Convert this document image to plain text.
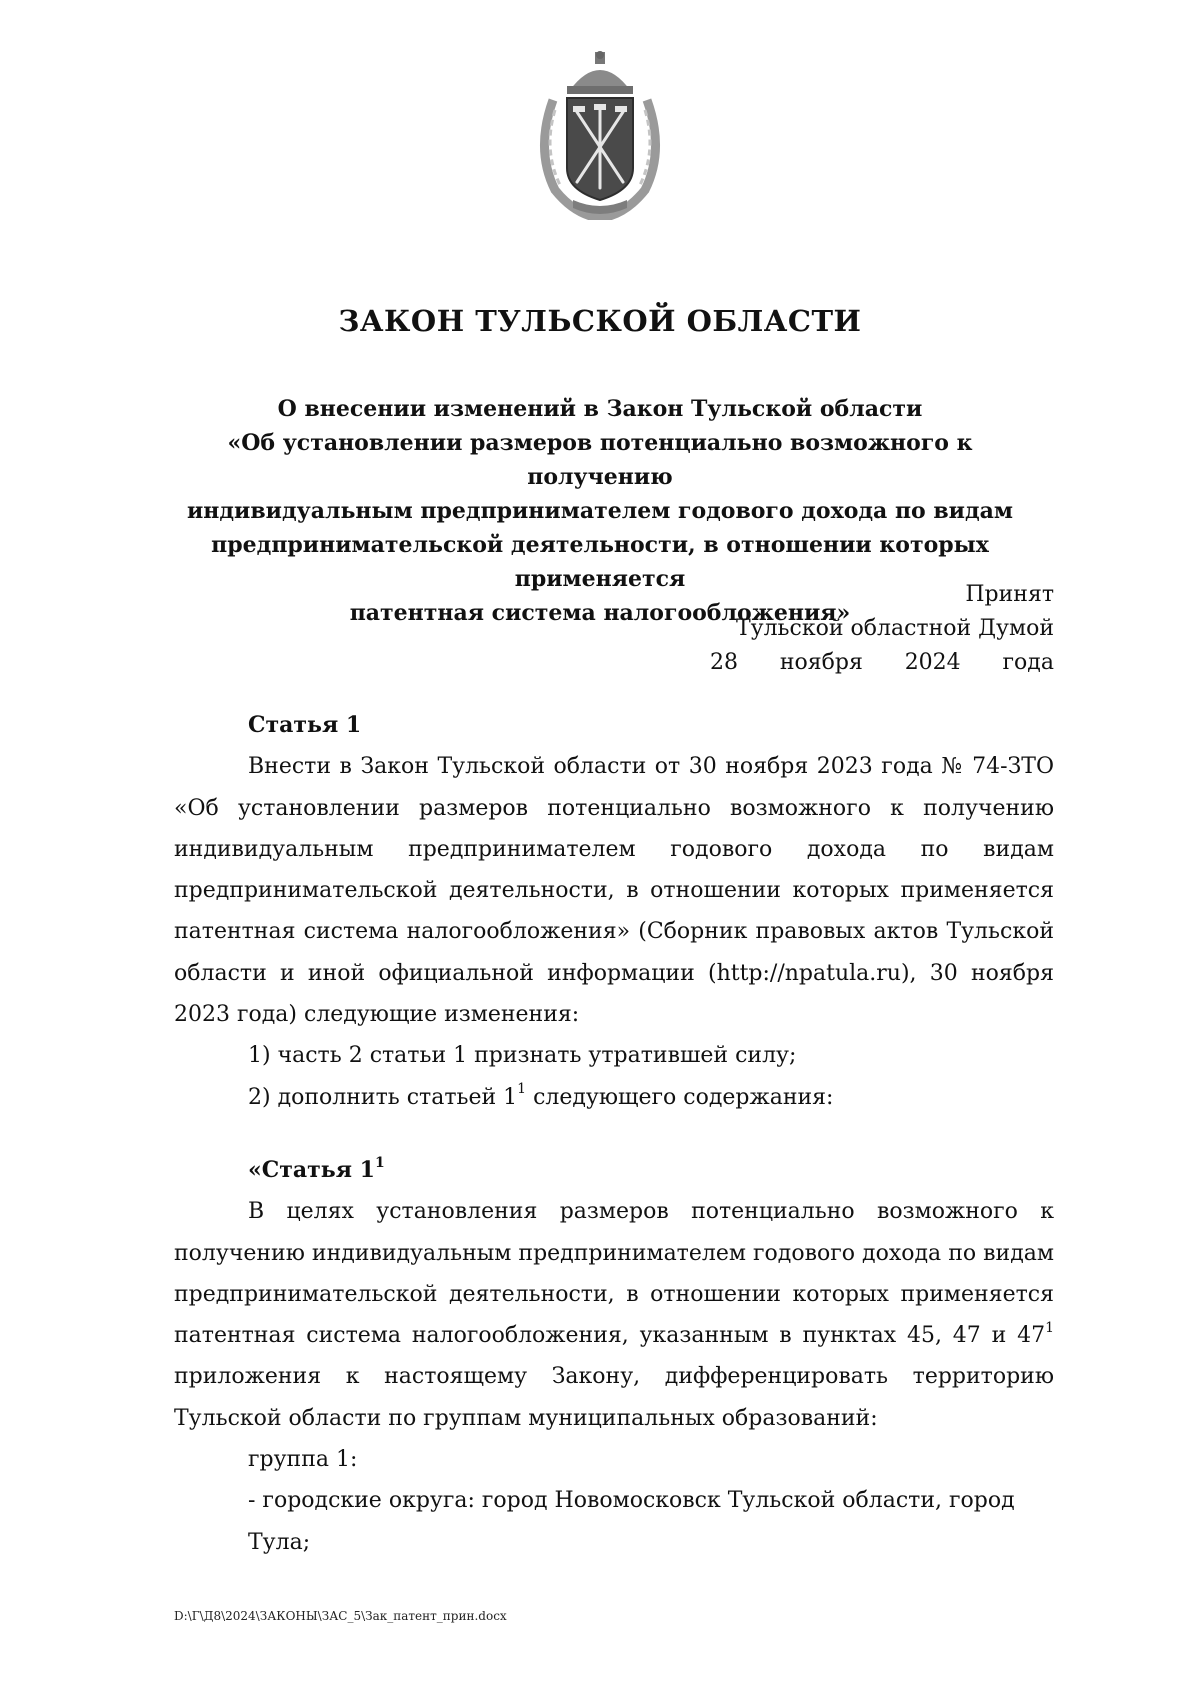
ЗАКОН ТУЛЬСКОЙ ОБЛАСТИ
О внесении изменений в Закон Тульской области
«Об установлении размеров потенциально возможного к получению
индивидуальным предпринимателем годового дохода по видам
предпринимательской деятельности, в отношении которых применяется
патентная система налогообложения»
Принят
Тульской областной Думой
28 ноября 2024 года
Статья 1
Внести в Закон Тульской области от 30 ноября 2023 года № 74-ЗТО «Об установлении размеров потенциально возможного к получению индивидуальным предпринимателем годового дохода по видам предпринимательской деятельности, в отношении которых применяется патентная система налогообложения» (Сборник правовых актов Тульской области и иной официальной информации (http://npatula.ru), 30 ноября 2023 года) следующие изменения:
1) часть 2 статьи 1 признать утратившей силу;
2) дополнить статьей $1^1$ следующего содержания:
«Статья $1^1$
В целях установления размеров потенциально возможного к получению индивидуальным предпринимателем годового дохода по видам предпринимательской деятельности, в отношении которых применяется патентная система налогообложения, указанным в пунктах 45, 47 и $47^1$ приложения к настоящему Закону, дифференцировать территорию Тульской области по группам муниципальных образований:
группа 1:
- городские округа: город Новомосковск Тульской области, город Тула;
D:\Г\Д8\2024\ЗАКОНЫ\ЗАС_5\Зак_патент_прин.docx
